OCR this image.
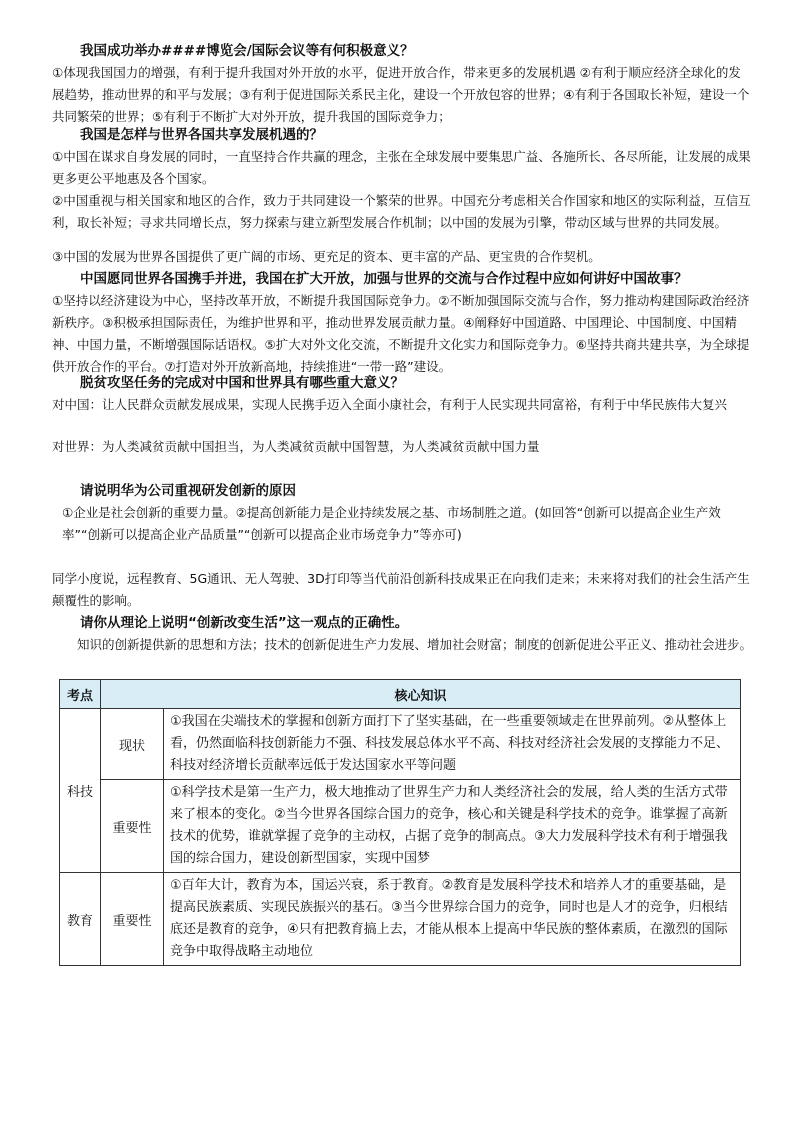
我国成功举办####博览会/国际会议等有何积极意义？
①体现我国国力的增强，有利于提升我国对外开放的水平，促进开放合作，带来更多的发展机遇 ②有利于顺应经济全球化的发展趋势，推动世界的和平与发展；③有利于促进国际关系民主化，建设一个开放包容的世界；④有利于各国取长补短，建设一个共同繁荣的世界；⑤有利于不断扩大对外开放，提升我国的国际竞争力；
我国是怎样与世界各国共享发展机遇的？
①中国在谋求自身发展的同时，一直坚持合作共赢的理念，主张在全球发展中要集思广益、各施所长、各尽所能，让发展的成果更多更公平地惠及各个国家。
②中国重视与相关国家和地区的合作，致力于共同建设一个繁荣的世界。中国充分考虑相关合作国家和地区的实际利益，互信互利，取长补短；寻求共同增长点，努力探索与建立新型发展合作机制；以中国的发展为引擎，带动区域与世界的共同发展。
③中国的发展为世界各国提供了更广阔的市场、更充足的资本、更丰富的产品、更宝贵的合作契机。
中国愿同世界各国携手并进，我国在扩大开放，加强与世界的交流与合作过程中应如何讲好中国故事？
①坚持以经济建设为中心，坚持改革开放，不断提升我国国际竞争力。②不断加强国际交流与合作，努力推动构建国际政治经济新秩序。③积极承担国际责任，为维护世界和平，推动世界发展贡献力量。④阐释好中国道路、中国理论、中国制度、中国精神、中国力量，不断增强国际话语权。⑤扩大对外文化交流，不断提升文化实力和国际竞争力。⑥坚持共商共建共享，为全球提供开放合作的平台。⑦打造对外开放新高地，持续推进“一带一路”建设。
脱贫攻坚任务的完成对中国和世界具有哪些重大意义？
对中国：让人民群众贡献发展成果，实现人民携手迈入全面小康社会，有利于人民实现共同富裕，有利于中华民族伟大复兴
对世界：为人类减贫贡献中国担当，为人类减贫贡献中国智慧，为人类减贫贡献中国力量
请说明华为公司重视研发创新的原因
①企业是社会创新的重要力量。②提高创新能力是企业持续发展之基、市场制胜之道。(如回答“创新可以提高企业生产效率”“创新可以提高企业产品质量”“创新可以提高企业市场竞争力”等亦可)
同学小度说，远程教育、5G通讯、无人驾驶、3D打印等当代前沿创新科技成果正在向我们走来；未来将对我们的社会生活产生颠覆性的影响。
请你从理论上说明“创新改变生活”这一观点的正确性。
知识的创新提供新的思想和方法；技术的创新促进生产力发展、增加社会财富；制度的创新促进公平正义、推动社会进步。
考点	核心知识	
科技	现状	①我国在尖端技术的掌握和创新方面打下了坚实基础，在一些重要领域走在世界前列。②从整体上看，仍然面临科技创新能力不强、科技发展总体水平不高、科技对经济社会发展的支撑能力不足、科技对经济增长贡献率远低于发达国家水平等问题
	重要性	①科学技术是第一生产力，极大地推动了世界生产力和人类经济社会的发展，给人类的生活方式带来了根本的变化。②当今世界各国综合国力的竞争，核心和关键是科学技术的竞争。谁掌握了高新技术的优势，谁就掌握了竞争的主动权，占据了竞争的制高点。③大力发展科学技术有利于增强我国的综合国力，建设创新型国家，实现中国梦
教育	重要性	①百年大计，教育为本，国运兴衰，系于教育。②教育是发展科学技术和培养人才的重要基础，是提高民族素质、实现民族振兴的基石。③当今世界综合国力的竞争，同时也是人才的竞争，归根结底还是教育的竞争，④只有把教育搞上去，才能从根本上提高中华民族的整体素质，在激烈的国际竞争中取得战略主动地位
